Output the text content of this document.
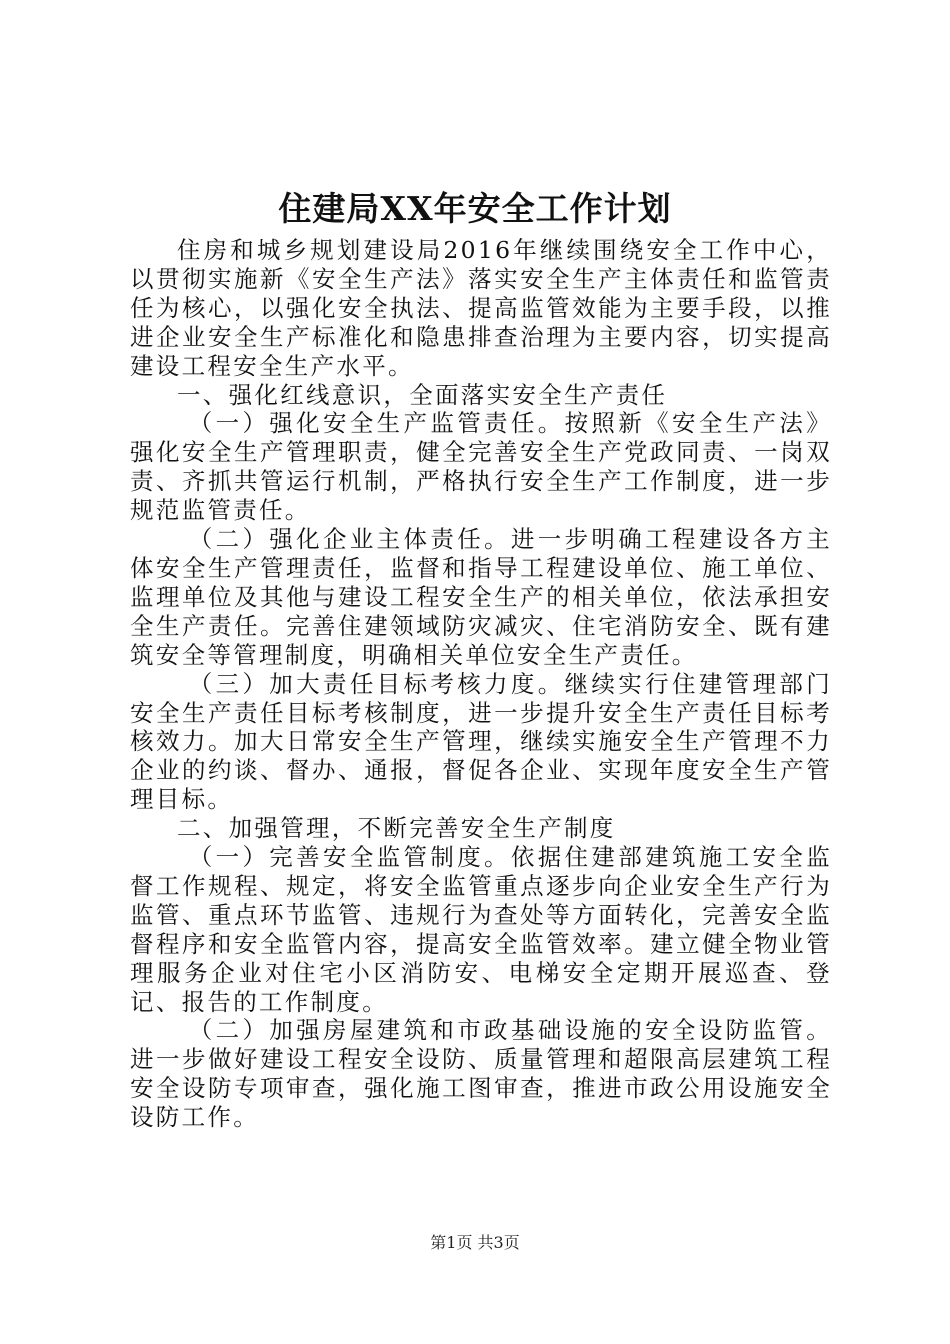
住建局XX年安全工作计划

住房和城乡规划建设局2016年继续围绕安全工作中心，以贯彻实施新《安全生产法》落实安全生产主体责任和监管责任为核心，以强化安全执法、提高监管效能为主要手段，以推进企业安全生产标准化和隐患排查治理为主要内容，切实提高建设工程安全生产水平。

一、强化红线意识，全面落实安全生产责任

（一）强化安全生产监管责任。按照新《安全生产法》强化安全生产管理职责，健全完善安全生产党政同责、一岗双责、齐抓共管运行机制，严格执行安全生产工作制度，进一步规范监管责任。

（二）强化企业主体责任。进一步明确工程建设各方主体安全生产管理责任，监督和指导工程建设单位、施工单位、监理单位及其他与建设工程安全生产的相关单位，依法承担安全生产责任。完善住建领域防灾减灾、住宅消防安全、既有建筑安全等管理制度，明确相关单位安全生产责任。

（三）加大责任目标考核力度。继续实行住建管理部门安全生产责任目标考核制度，进一步提升安全生产责任目标考核效力。加大日常安全生产管理，继续实施安全生产管理不力企业的约谈、督办、通报，督促各企业、实现年度安全生产管理目标。

二、加强管理，不断完善安全生产制度

（一）完善安全监管制度。依据住建部建筑施工安全监督工作规程、规定，将安全监管重点逐步向企业安全生产行为监管、重点环节监管、违规行为查处等方面转化，完善安全监督程序和安全监管内容，提高安全监管效率。建立健全物业管理服务企业对住宅小区消防安、电梯安全定期开展巡查、登记、报告的工作制度。

（二）加强房屋建筑和市政基础设施的安全设防监管。进一步做好建设工程安全设防、质量管理和超限高层建筑工程安全设防专项审查，强化施工图审查，推进市政公用设施安全设防工作。

第1页 共3页
